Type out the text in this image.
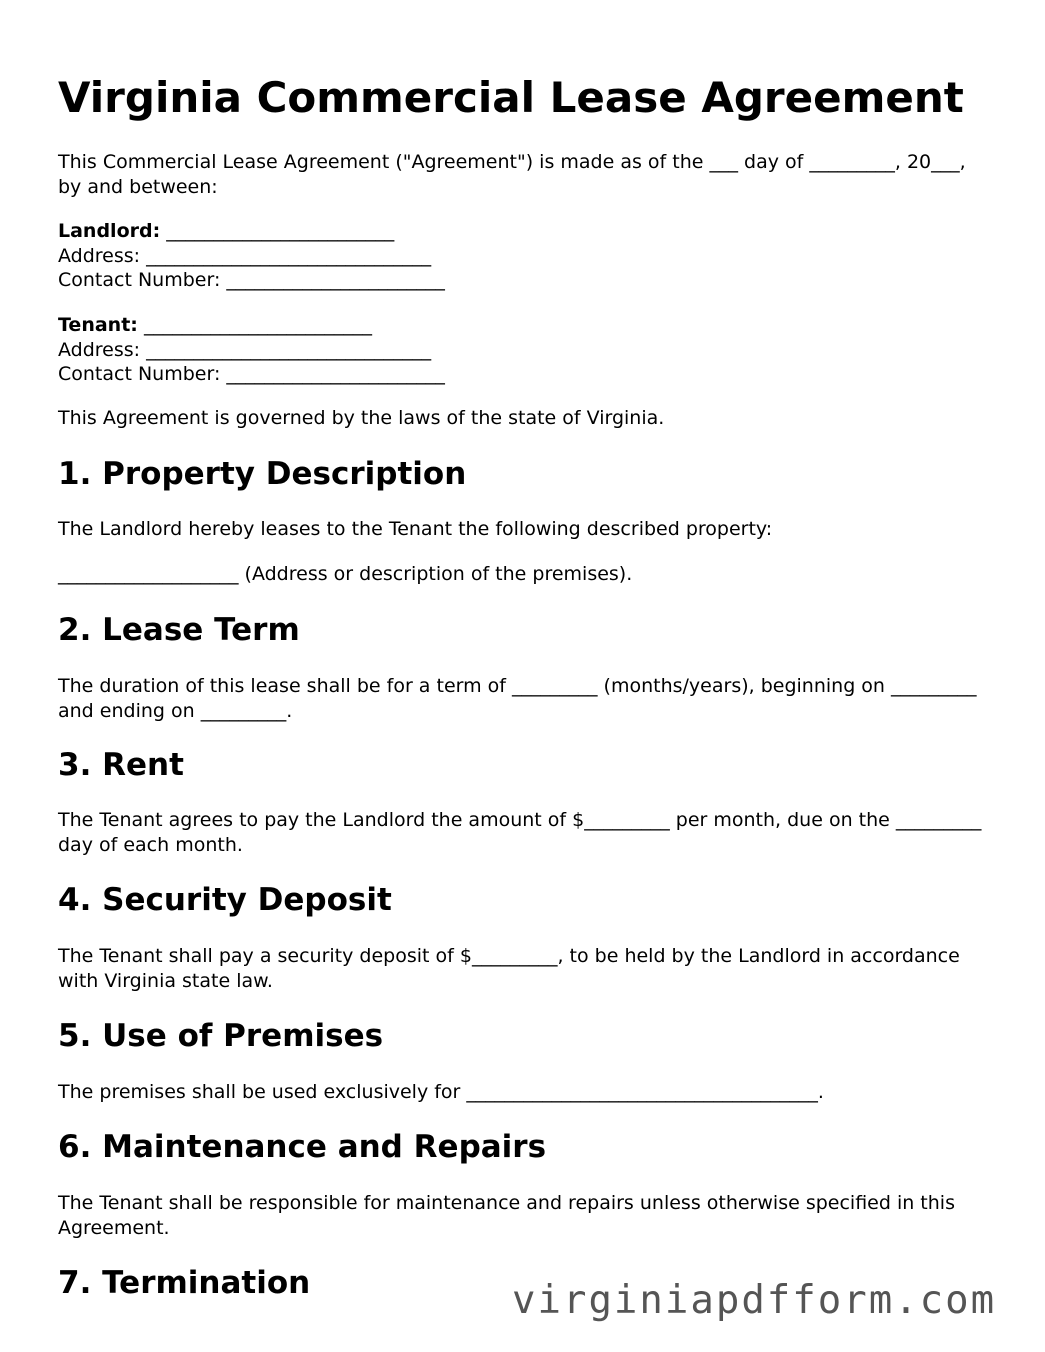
Virginia Commercial Lease Agreement

This Commercial Lease Agreement ("Agreement") is made as of the ___ day of _________, 20___, by and between:

Landlord: ________________________
Address: ______________________________
Contact Number: _______________________

Tenant: ________________________
Address: ______________________________
Contact Number: _______________________

This Agreement is governed by the laws of the state of Virginia.

1. Property Description

The Landlord hereby leases to the Tenant the following described property:

___________________ (Address or description of the premises).

2. Lease Term

The duration of this lease shall be for a term of _________ (months/years), beginning on _________ and ending on _________.

3. Rent

The Tenant agrees to pay the Landlord the amount of $_________ per month, due on the _________ day of each month.

4. Security Deposit

The Tenant shall pay a security deposit of $_________, to be held by the Landlord in accordance with Virginia state law.

5. Use of Premises

The premises shall be used exclusively for _____________________________________.

6. Maintenance and Repairs

The Tenant shall be responsible for maintenance and repairs unless otherwise specified in this Agreement.

7. Termination	virginiapdfform.com
